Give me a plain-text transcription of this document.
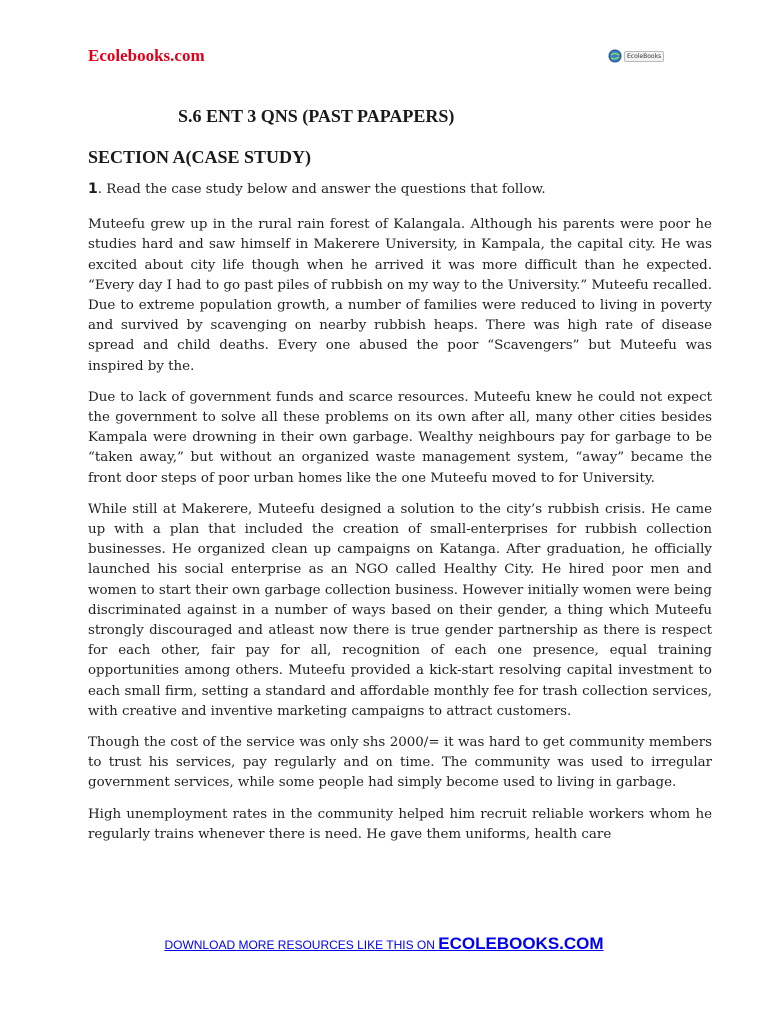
Ecolebooks.com	EcoleBooks
S.6 ENT 3 QNS (PAST PAPAPERS)
SECTION A(CASE STUDY)

1. Read the case study below and answer the questions that follow.

Muteefu grew up in the rural rain forest of Kalangala. Although his parents were poor he studies hard and saw himself in Makerere University, in Kampala, the capital city. He was excited about city life though when he arrived it was more difficult than he expected. “Every day I had to go past piles of rubbish on my way to the University.” Muteefu recalled. Due to extreme population growth, a number of families were reduced to living in poverty and survived by scavenging on nearby rubbish heaps. There was high rate of disease spread and child deaths. Every one abused the poor “Scavengers” but Muteefu was inspired by the.

Due to lack of government funds and scarce resources. Muteefu knew he could not expect the government to solve all these problems on its own after all, many other cities besides Kampala were drowning in their own garbage. Wealthy neighbours pay for garbage to be “taken away,” but without an organized waste management system, “away” became the front door steps of poor urban homes like the one Muteefu moved to for University.

While still at Makerere, Muteefu designed a solution to the city’s rubbish crisis. He came up with a plan that included the creation of small-enterprises for rubbish collection businesses. He organized clean up campaigns on Katanga. After graduation, he officially launched his social enterprise as an NGO called Healthy City. He hired poor men and women to start their own garbage collection business. However initially women were being discriminated against in a number of ways based on their gender, a thing which Muteefu strongly discouraged and atleast now there is true gender partnership as there is respect for each other, fair pay for all, recognition of each one presence, equal training opportunities among others. Muteefu provided a kick-start resolving capital investment to each small firm, setting a standard and affordable monthly fee for trash collection services, with creative and inventive marketing campaigns to attract customers.

Though the cost of the service was only shs 2000/= it was hard to get community members to trust his services, pay regularly and on time. The community was used to irregular government services, while some people had simply become used to living in garbage.

High unemployment rates in the community helped him recruit reliable workers whom he regularly trains whenever there is need. He gave them uniforms, health care

DOWNLOAD MORE RESOURCES LIKE THIS ON ECOLEBOOKS.COM
